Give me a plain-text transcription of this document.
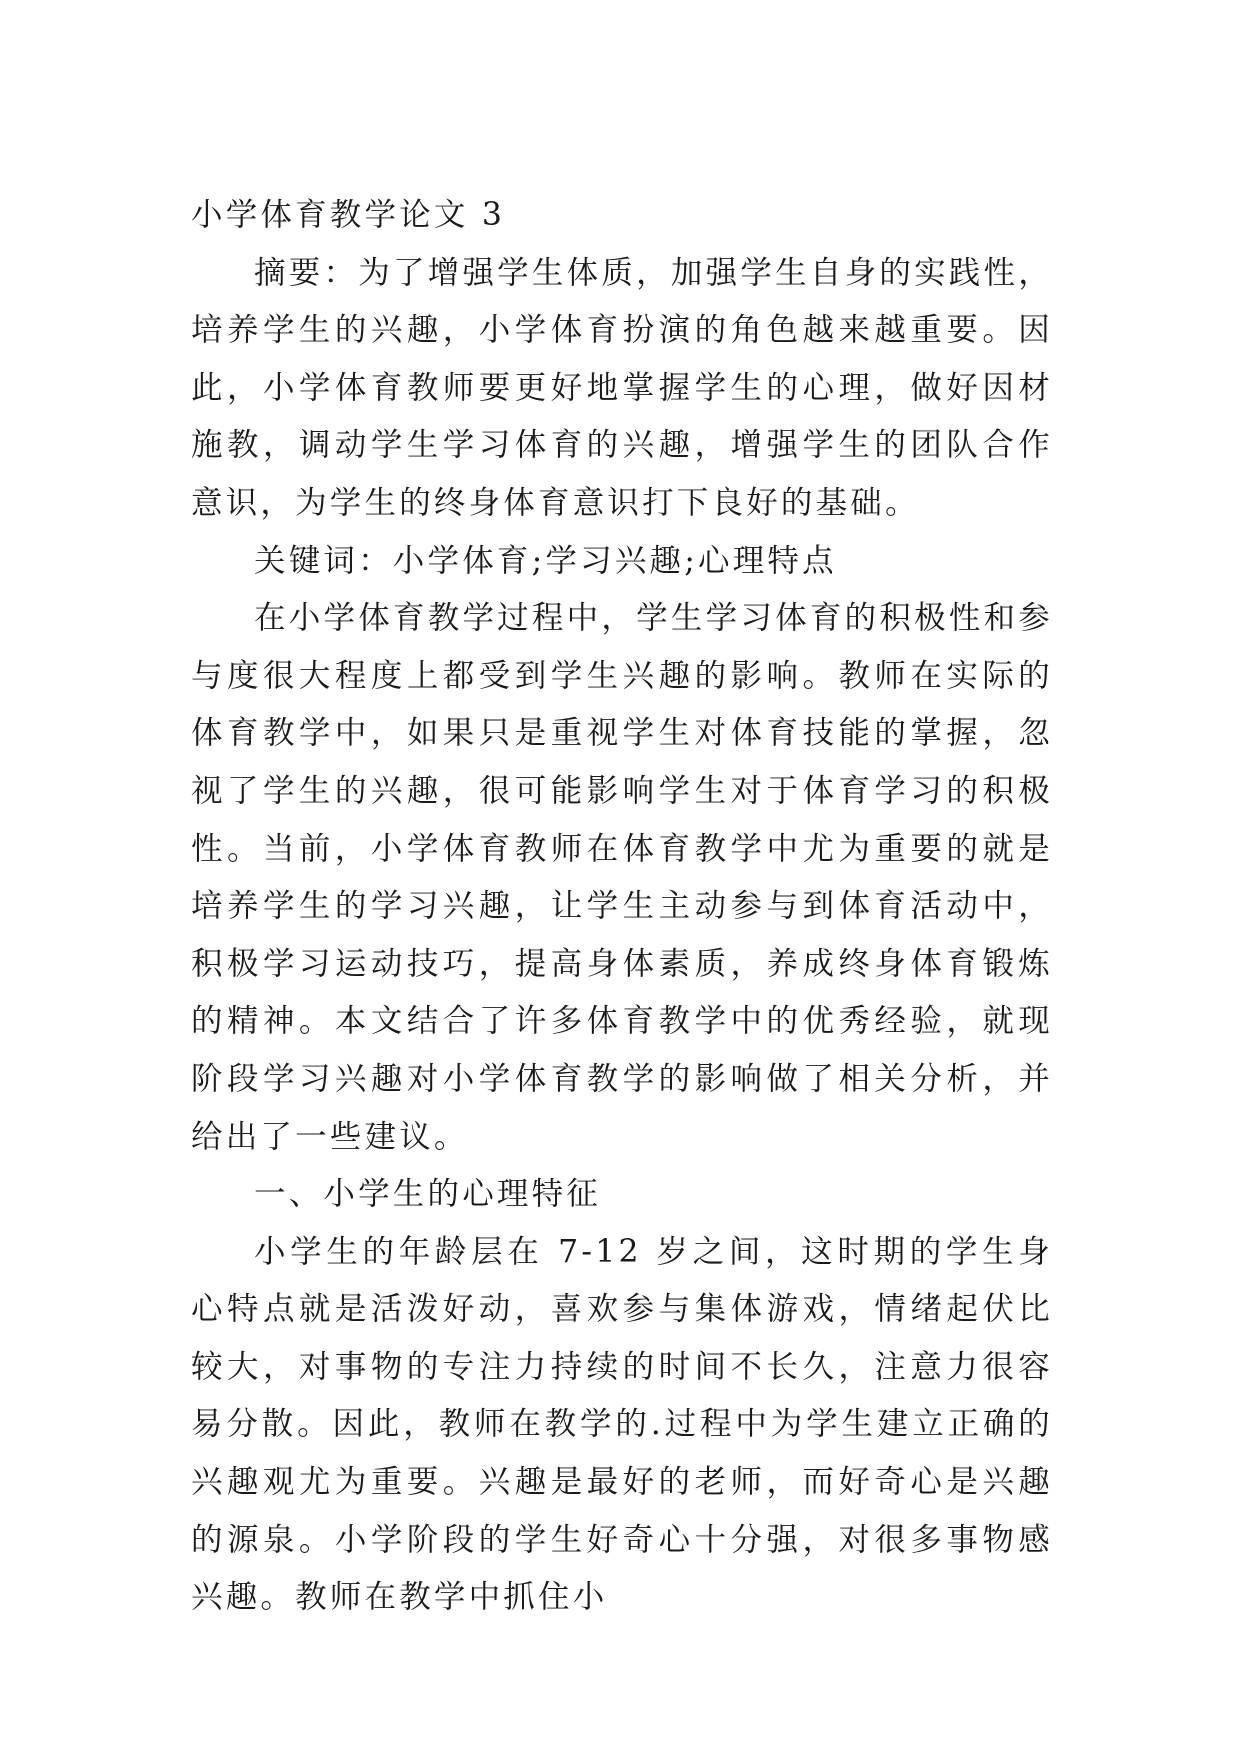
小学体育教学论文 3

摘要：为了增强学生体质，加强学生自身的实践性，培养学生的兴趣，小学体育扮演的角色越来越重要。因此，小学体育教师要更好地掌握学生的心理，做好因材施教，调动学生学习体育的兴趣，增强学生的团队合作意识，为学生的终身体育意识打下良好的基础。

关键词：小学体育;学习兴趣;心理特点

在小学体育教学过程中，学生学习体育的积极性和参与度很大程度上都受到学生兴趣的影响。教师在实际的体育教学中，如果只是重视学生对体育技能的掌握，忽视了学生的兴趣，很可能影响学生对于体育学习的积极性。当前，小学体育教师在体育教学中尤为重要的就是培养学生的学习兴趣，让学生主动参与到体育活动中，积极学习运动技巧，提高身体素质，养成终身体育锻炼的精神。本文结合了许多体育教学中的优秀经验，就现阶段学习兴趣对小学体育教学的影响做了相关分析，并给出了一些建议。

一、小学生的心理特征

小学生的年龄层在 7-12 岁之间，这时期的学生身心特点就是活泼好动，喜欢参与集体游戏，情绪起伏比较大，对事物的专注力持续的时间不长久，注意力很容易分散。因此，教师在教学的.过程中为学生建立正确的兴趣观尤为重要。兴趣是最好的老师，而好奇心是兴趣的源泉。小学阶段的学生好奇心十分强，对很多事物感兴趣。教师在教学中抓住小
